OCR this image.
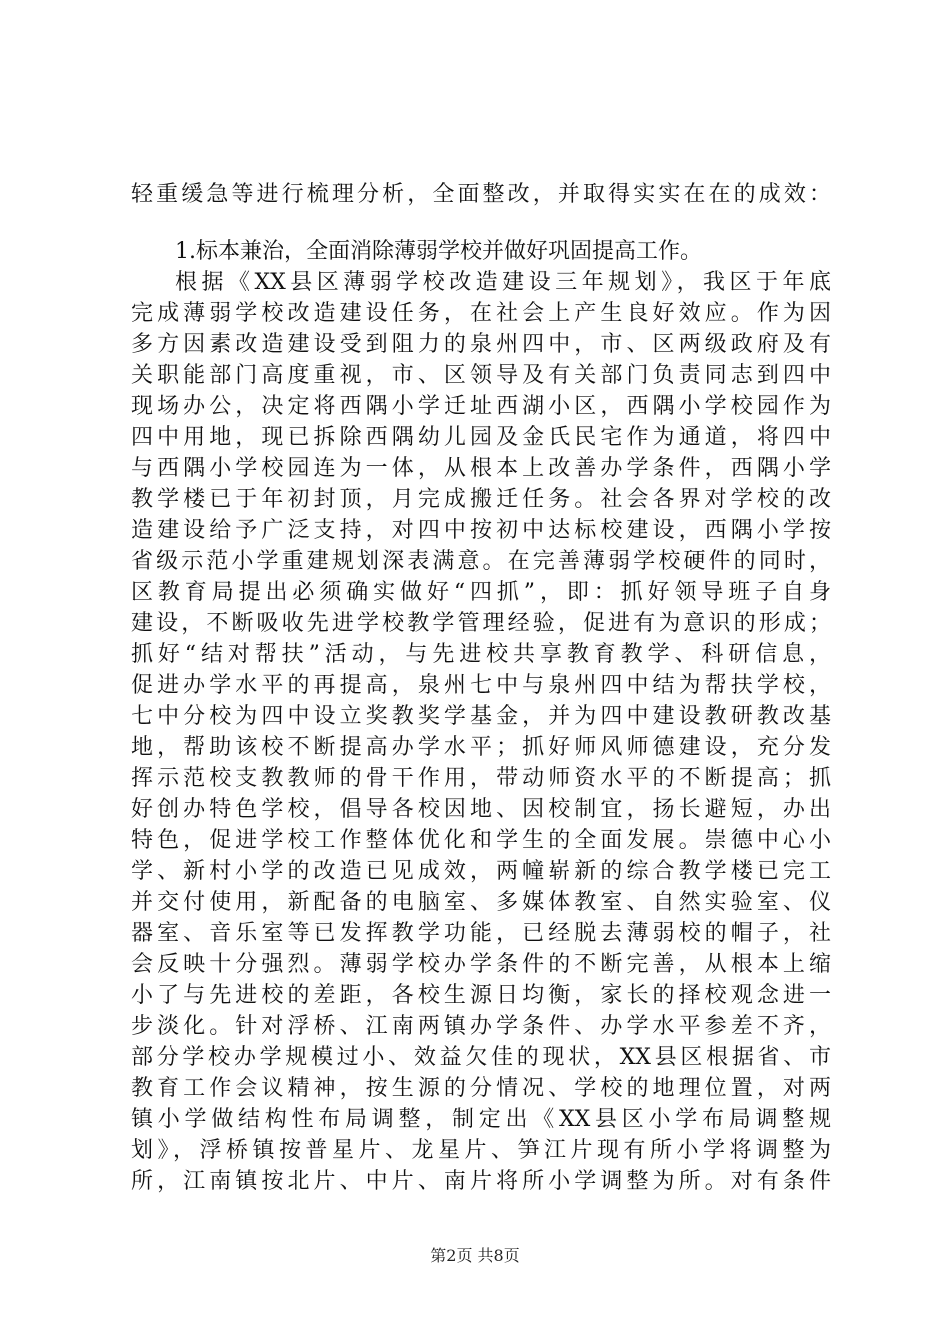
轻重缓急等进行梳理分析，全面整改，并取得实实在在的成效：
1.标本兼治，全面消除薄弱学校并做好巩固提高工作。
根据《XX县区薄弱学校改造建设三年规划》，我区于年底
完成薄弱学校改造建设任务，在社会上产生良好效应。作为因
多方因素改造建设受到阻力的泉州四中，市、区两级政府及有
关职能部门高度重视，市、区领导及有关部门负责同志到四中
现场办公，决定将西隅小学迁址西湖小区，西隅小学校园作为
四中用地，现已拆除西隅幼儿园及金氏民宅作为通道，将四中
与西隅小学校园连为一体，从根本上改善办学条件，西隅小学
教学楼已于年初封顶，月完成搬迁任务。社会各界对学校的改
造建设给予广泛支持，对四中按初中达标校建设，西隅小学按
省级示范小学重建规划深表满意。在完善薄弱学校硬件的同时，
区教育局提出必须确实做好“四抓”，即：抓好领导班子自身
建设，不断吸收先进学校教学管理经验，促进有为意识的形成；
抓好“结对帮扶”活动，与先进校共享教育教学、科研信息，
促进办学水平的再提高，泉州七中与泉州四中结为帮扶学校，
七中分校为四中设立奖教奖学基金，并为四中建设教研教改基
地，帮助该校不断提高办学水平；抓好师风师德建设，充分发
挥示范校支教教师的骨干作用，带动师资水平的不断提高；抓
好创办特色学校，倡导各校因地、因校制宜，扬长避短，办出
特色，促进学校工作整体优化和学生的全面发展。崇德中心小
学、新村小学的改造已见成效，两幢崭新的综合教学楼已完工
并交付使用，新配备的电脑室、多媒体教室、自然实验室、仪
器室、音乐室等已发挥教学功能，已经脱去薄弱校的帽子，社
会反映十分强烈。薄弱学校办学条件的不断完善，从根本上缩
小了与先进校的差距，各校生源日均衡，家长的择校观念进一
步淡化。针对浮桥、江南两镇办学条件、办学水平参差不齐，
部分学校办学规模过小、效益欠佳的现状，XX县区根据省、市
教育工作会议精神，按生源的分情况、学校的地理位置，对两
镇小学做结构性布局调整，制定出《XX县区小学布局调整规
划》，浮桥镇按普星片、龙星片、笋江片现有所小学将调整为
所，江南镇按北片、中片、南片将所小学调整为所。对有条件
第2页 共8页
